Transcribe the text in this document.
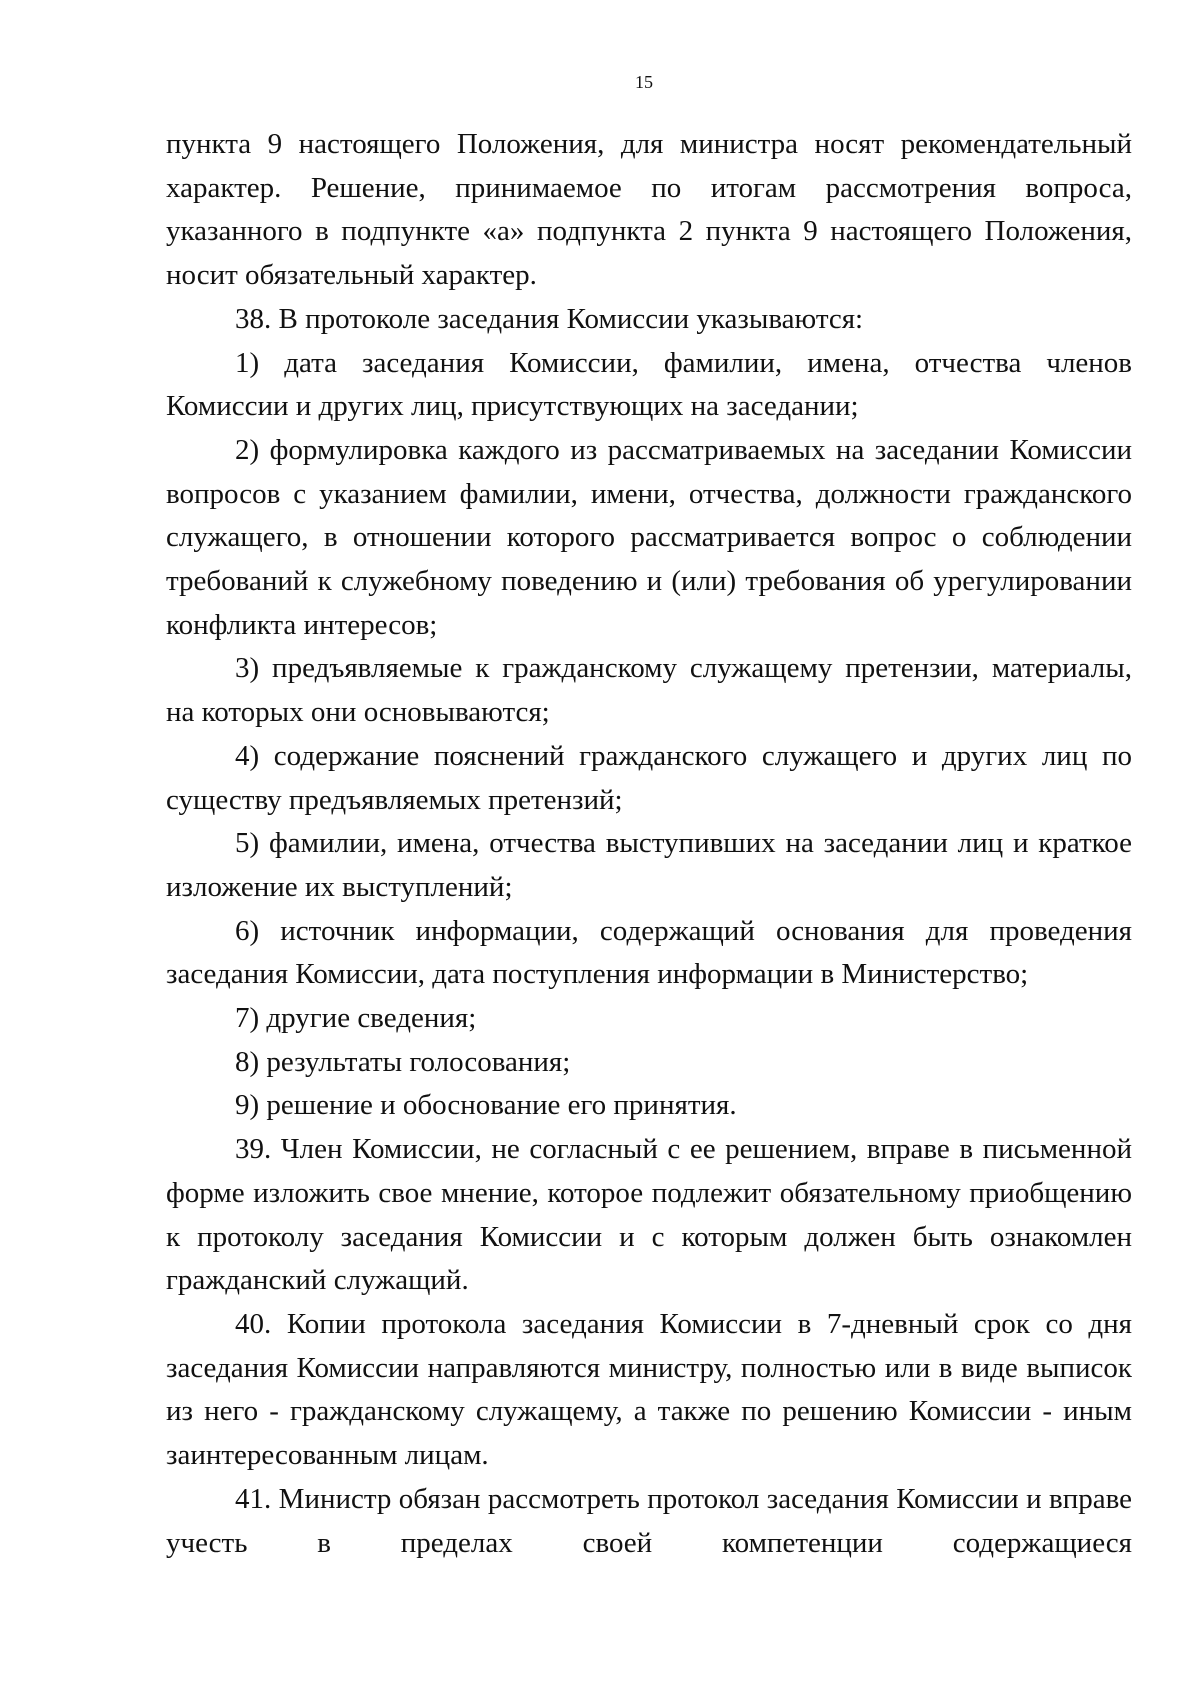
15

пункта 9 настоящего Положения, для министра носят рекомендательный характер. Решение, принимаемое по итогам рассмотрения вопроса, указанного в подпункте «а» подпункта 2 пункта 9 настоящего Положения, носит обязательный характер.

38. В протоколе заседания Комиссии указываются:

1) дата заседания Комиссии, фамилии, имена, отчества членов Комиссии и других лиц, присутствующих на заседании;

2) формулировка каждого из рассматриваемых на заседании Комиссии вопросов с указанием фамилии, имени, отчества, должности гражданского служащего, в отношении которого рассматривается вопрос о соблюдении требований к служебному поведению и (или) требования об урегулировании конфликта интересов;

3) предъявляемые к гражданскому служащему претензии, материалы, на которых они основываются;

4) содержание пояснений гражданского служащего и других лиц по существу предъявляемых претензий;

5) фамилии, имена, отчества выступивших на заседании лиц и краткое изложение их выступлений;

6) источник информации, содержащий основания для проведения заседания Комиссии, дата поступления информации в Министерство;

7) другие сведения;

8) результаты голосования;

9) решение и обоснование его принятия.

39. Член Комиссии, не согласный с ее решением, вправе в письменной форме изложить свое мнение, которое подлежит обязательному приобщению к протоколу заседания Комиссии и с которым должен быть ознакомлен гражданский служащий.

40. Копии протокола заседания Комиссии в 7-дневный срок со дня заседания Комиссии направляются министру, полностью или в виде выписок из него - гражданскому служащему, а также по решению Комиссии - иным заинтересованным лицам.

41. Министр обязан рассмотреть протокол заседания Комиссии и вправе учесть в пределах своей компетенции содержащиеся
